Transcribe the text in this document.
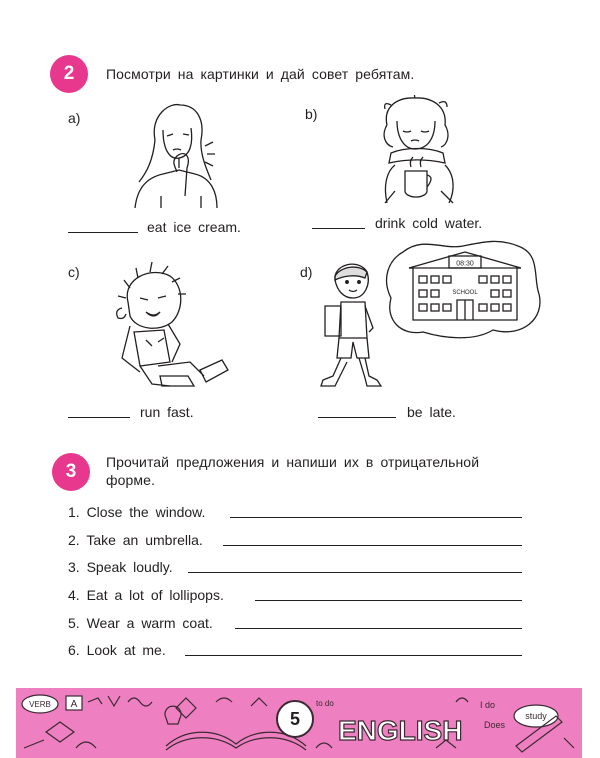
2	Посмотри на картинки и дай совет ребятам.
a)
eat ice cream.
b)
drink cold water.
c)
run fast.
d)	08:30
SCHOOL
be late.
3	Прочитай предложения и напиши их в отрицательной
форме.
1. Close the window.
2. Take an umbrella.
3. Speak loudly.
4. Eat a lot of lollipops.
5. Wear a warm coat.
6. Look at me.
VERB A	to do
ENGLISH Does
I do
study
5
